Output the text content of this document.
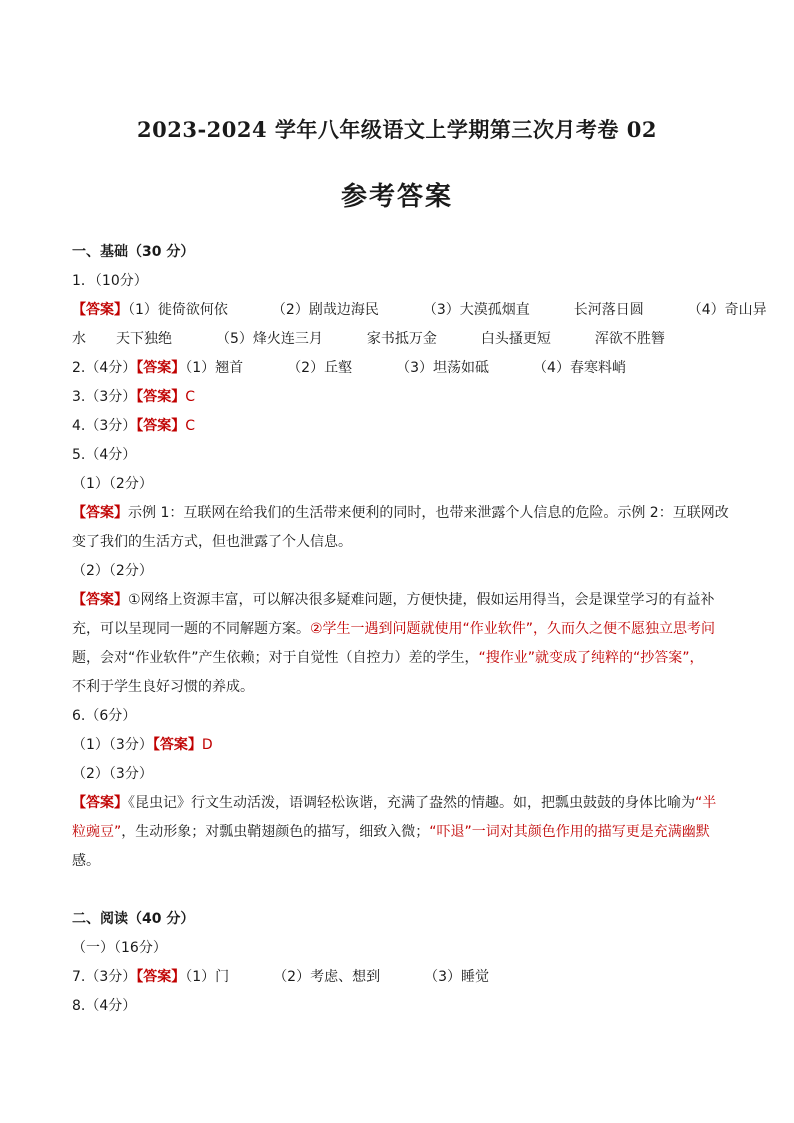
2023-2024 学年八年级语文上学期第三次月考卷 02
参考答案
一、基础（30 分）
1．（10分）
【答案】（1）徙倚欲何依	（2）剧哉边海民	（3）大漠孤烟直	长河落日圆	（4）奇山异
水 天下独绝	（5）烽火连三月	家书抵万金	白头搔更短	浑欲不胜簪
2.（4分）【答案】（1）翘首	（2）丘壑	（3）坦荡如砥	（4）春寒料峭
3.（3分）【答案】C
4.（3分）【答案】C
5.（4分）
（1）（2分）
【答案】示例 1：互联网在给我们的生活带来便利的同时，也带来泄露个人信息的危险。示例 2：互联网改
变了我们的生活方式，但也泄露了个人信息。
（2）（2分）
【答案】①网络上资源丰富，可以解决很多疑难问题，方便快捷，假如运用得当，会是课堂学习的有益补
充，可以呈现同一题的不同解题方案。②学生一遇到问题就使用“作业软件”，久而久之便不愿独立思考问
题，会对“作业软件”产生依赖；对于自觉性（自控力）差的学生，“搜作业”就变成了纯粹的“抄答案”，
不利于学生良好习惯的养成。
6.（6分）
（1）（3分）【答案】D
（2）（3分）
【答案】《昆虫记》行文生动活泼，语调轻松诙谐，充满了盎然的情趣。如，把瓢虫鼓鼓的身体比喻为“半
粒豌豆”，生动形象；对瓢虫鞘翅颜色的描写，细致入微；“吓退”一词对其颜色作用的描写更是充满幽默
感。
二、阅读（40 分）
（一）（16分）
7.（3分）【答案】（1）门	（2）考虑、想到	（3）睡觉
8.（4分）
